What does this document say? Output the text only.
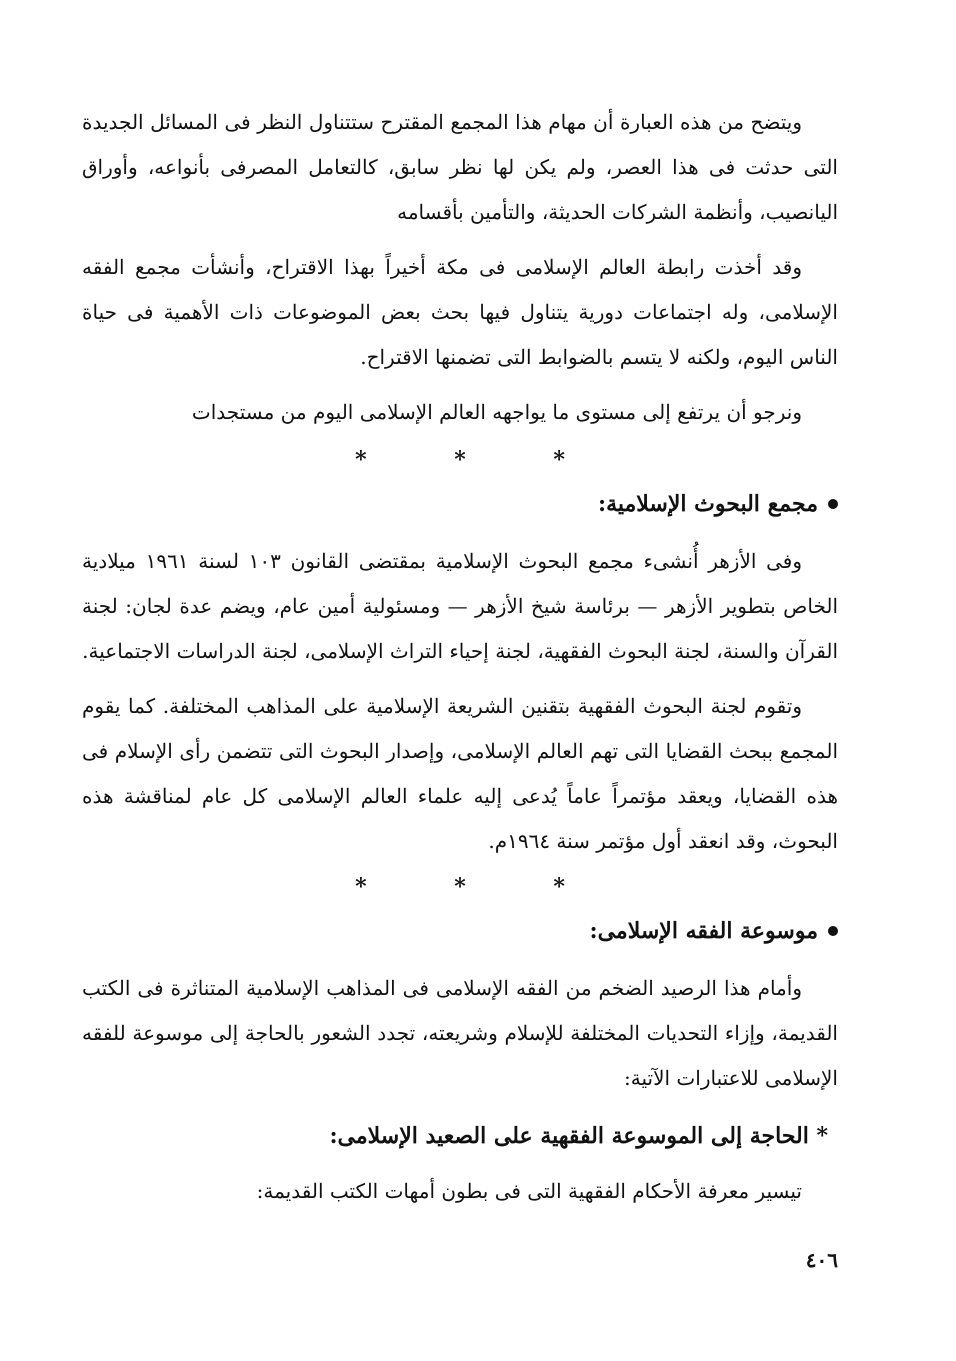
ويتضح من هذه العبارة أن مهام هذا المجمع المقترح ستتناول النظر فى المسائل الجديدة التى حدثت فى هذا العصر، ولم يكن لها نظر سابق، كالتعامل المصرفى بأنواعه، وأوراق اليانصيب، وأنظمة الشركات الحديثة، والتأمين بأقسامه

وقد أخذت رابطة العالم الإسلامى فى مكة أخيراً بهذا الاقتراح، وأنشأت مجمع الفقه الإسلامى، وله اجتماعات دورية يتناول فيها بحث بعض الموضوعات ذات الأهمية فى حياة الناس اليوم، ولكنه لا يتسم بالضوابط التى تضمنها الاقتراح.

ونرجو أن يرتفع إلى مستوى ما يواجهه العالم الإسلامى اليوم من مستجدات

* * *
مجمع البحوث الإسلامية:

وفى الأزهر أُنشىء مجمع البحوث الإسلامية بمقتضى القانون ١٠٣ لسنة ١٩٦١ ميلادية الخاص بتطوير الأزهر — برئاسة شيخ الأزهر — ومسئولية أمين عام، ويضم عدة لجان: لجنة القرآن والسنة، لجنة البحوث الفقهية، لجنة إحياء التراث الإسلامى، لجنة الدراسات الاجتماعية.

وتقوم لجنة البحوث الفقهية بتقنين الشريعة الإسلامية على المذاهب المختلفة. كما يقوم المجمع ببحث القضايا التى تهم العالم الإسلامى، وإصدار البحوث التى تتضمن رأى الإسلام فى هذه القضايا، ويعقد مؤتمراً عاماً يُدعى إليه علماء العالم الإسلامى كل عام لمناقشة هذه البحوث، وقد انعقد أول مؤتمر سنة ١٩٦٤م.

* * *
موسوعة الفقه الإسلامى:

وأمام هذا الرصيد الضخم من الفقه الإسلامى فى المذاهب الإسلامية المتناثرة فى الكتب القديمة، وإزاء التحديات المختلفة للإسلام وشريعته، تجدد الشعور بالحاجة إلى موسوعة للفقه الإسلامى للاعتبارات الآتية:

* الحاجة إلى الموسوعة الفقهية على الصعيد الإسلامى:

تيسير معرفة الأحكام الفقهية التى فى بطون أمهات الكتب القديمة:

٤٠٦
